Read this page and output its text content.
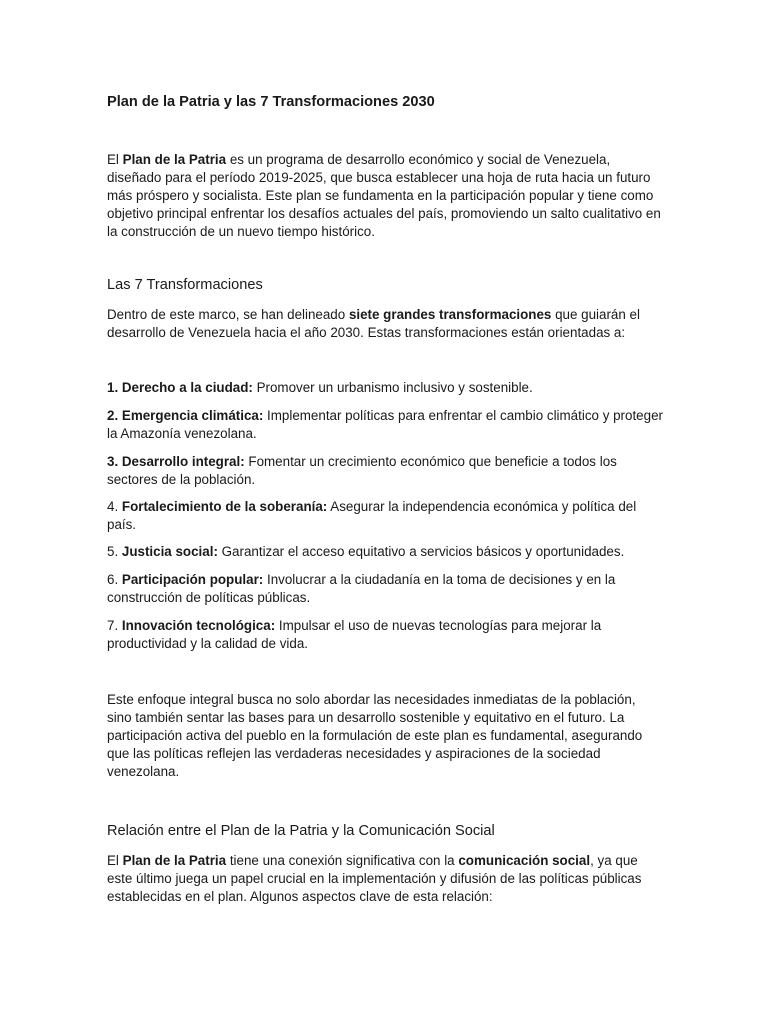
Plan de la Patria y las 7 Transformaciones 2030

El Plan de la Patria es un programa de desarrollo económico y social de Venezuela, diseñado para el período 2019-2025, que busca establecer una hoja de ruta hacia un futuro más próspero y socialista. Este plan se fundamenta en la participación popular y tiene como objetivo principal enfrentar los desafíos actuales del país, promoviendo un salto cualitativo en la construcción de un nuevo tiempo histórico.

Las 7 Transformaciones

Dentro de este marco, se han delineado siete grandes transformaciones que guiarán el desarrollo de Venezuela hacia el año 2030. Estas transformaciones están orientadas a:

1. Derecho a la ciudad: Promover un urbanismo inclusivo y sostenible.

2. Emergencia climática: Implementar políticas para enfrentar el cambio climático y proteger la Amazonía venezolana.

3. Desarrollo integral: Fomentar un crecimiento económico que beneficie a todos los sectores de la población.

4. Fortalecimiento de la soberanía: Asegurar la independencia económica y política del país.

5. Justicia social: Garantizar el acceso equitativo a servicios básicos y oportunidades.

6. Participación popular: Involucrar a la ciudadanía en la toma de decisiones y en la construcción de políticas públicas.

7. Innovación tecnológica: Impulsar el uso de nuevas tecnologías para mejorar la productividad y la calidad de vida.

Este enfoque integral busca no solo abordar las necesidades inmediatas de la población, sino también sentar las bases para un desarrollo sostenible y equitativo en el futuro. La participación activa del pueblo en la formulación de este plan es fundamental, asegurando que las políticas reflejen las verdaderas necesidades y aspiraciones de la sociedad venezolana.

Relación entre el Plan de la Patria y la Comunicación Social

El Plan de la Patria tiene una conexión significativa con la comunicación social, ya que este último juega un papel crucial en la implementación y difusión de las políticas públicas establecidas en el plan. Algunos aspectos clave de esta relación:
